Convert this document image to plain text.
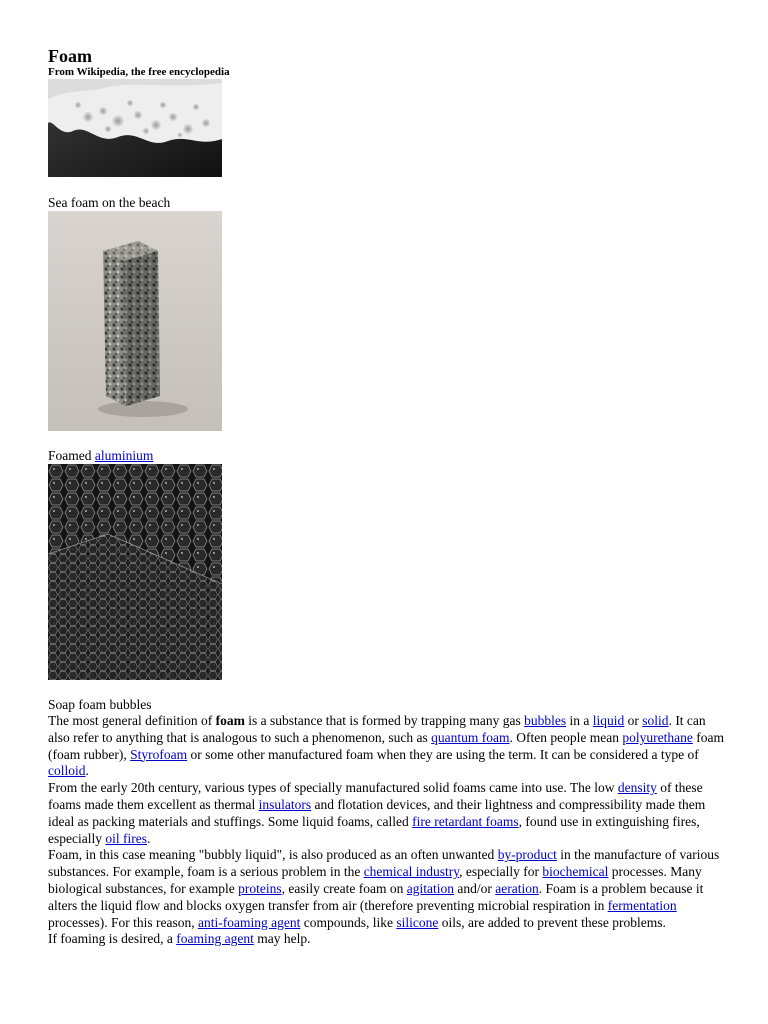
Foam

From Wikipedia, the free encyclopedia

Sea foam on the beach

Foamed aluminium

Soap foam bubbles

The most general definition of foam is a substance that is formed by trapping many gas bubbles in a liquid or solid. It can also refer to anything that is analogous to such a phenomenon, such as quantum foam. Often people mean polyurethane foam (foam rubber), Styrofoam or some other manufactured foam when they are using the term. It can be considered a type of colloid.

From the early 20th century, various types of specially manufactured solid foams came into use. The low density of these foams made them excellent as thermal insulators and flotation devices, and their lightness and compressibility made them ideal as packing materials and stuffings. Some liquid foams, called fire retardant foams, found use in extinguishing fires, especially oil fires.

Foam, in this case meaning "bubbly liquid", is also produced as an often unwanted by-product in the manufacture of various substances. For example, foam is a serious problem in the chemical industry, especially for biochemical processes. Many biological substances, for example proteins, easily create foam on agitation and/or aeration. Foam is a problem because it alters the liquid flow and blocks oxygen transfer from air (therefore preventing microbial respiration in fermentation processes). For this reason, anti-foaming agent compounds, like silicone oils, are added to prevent these problems.

If foaming is desired, a foaming agent may help.
